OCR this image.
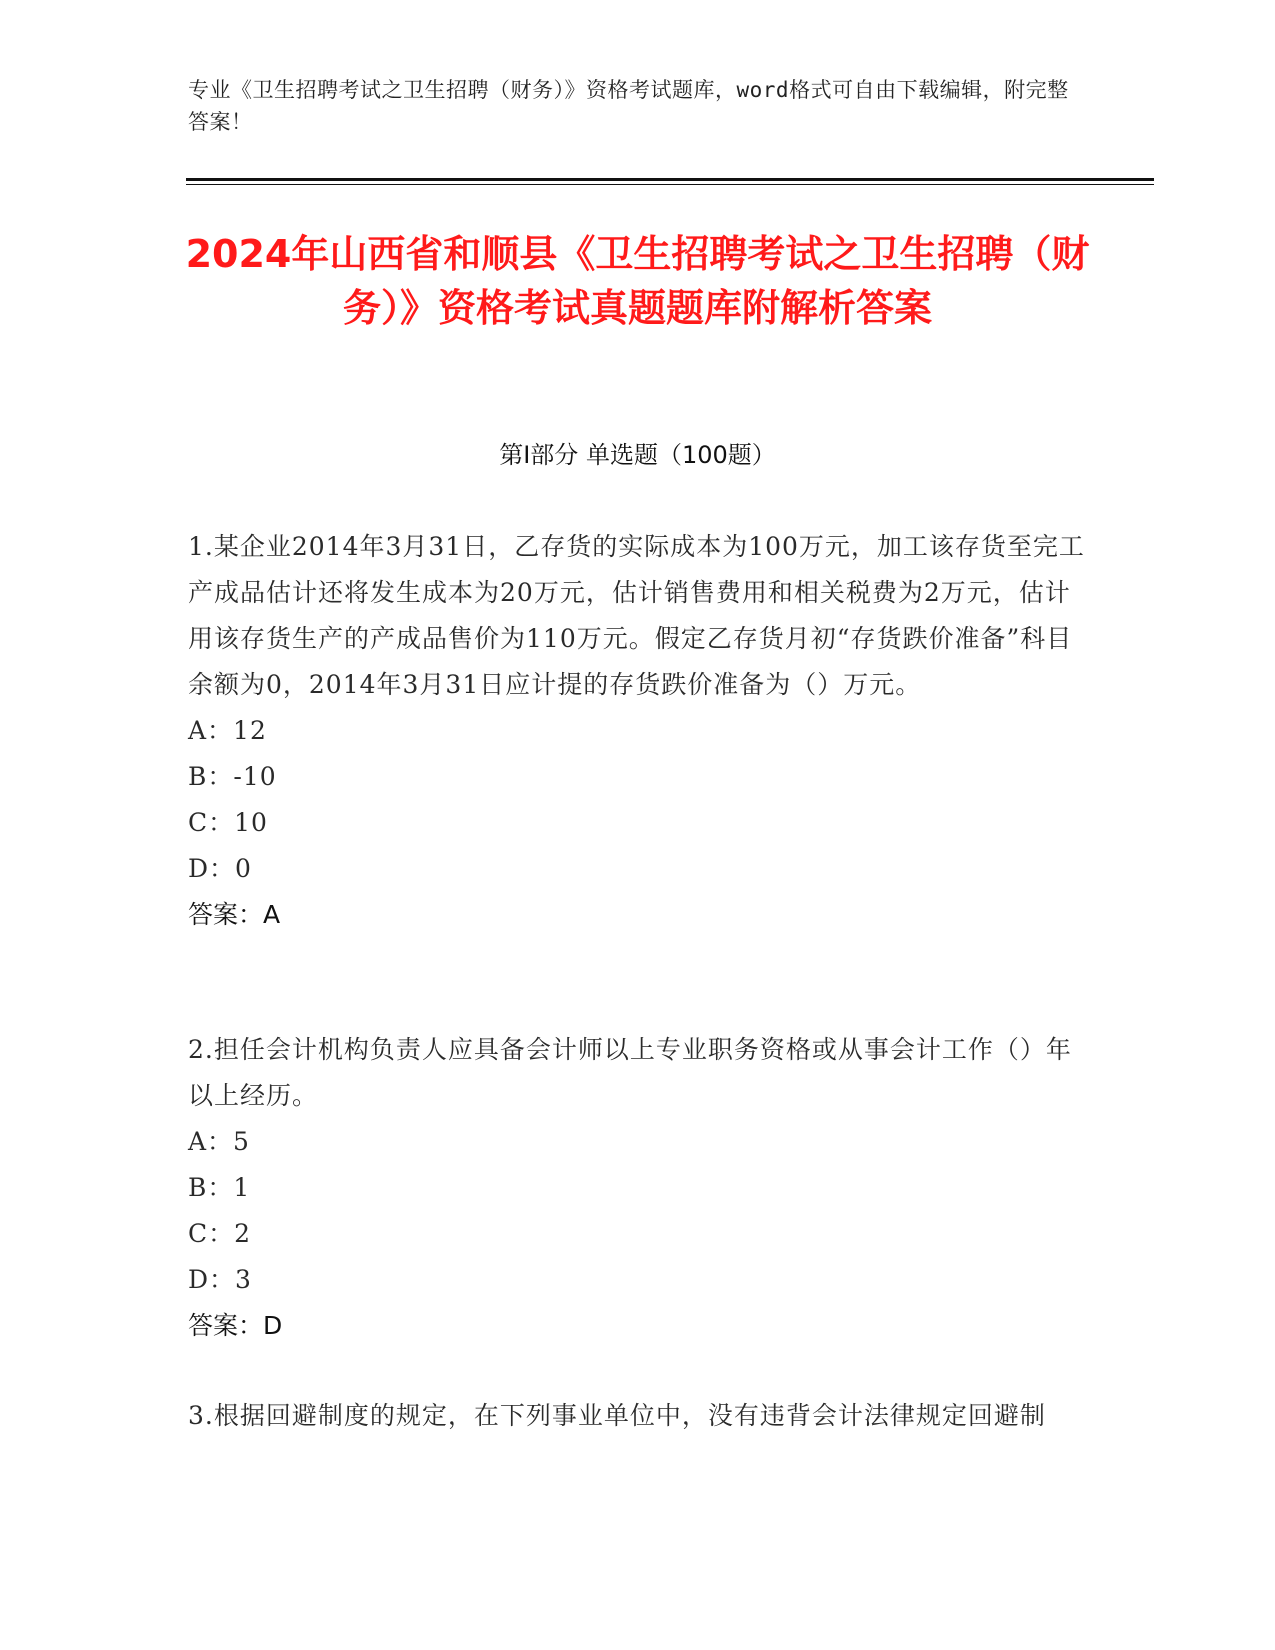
专业《卫生招聘考试之卫生招聘（财务）》资格考试题库，word格式可自由下载编辑，附完整答案！
2024年山西省和顺县《卫生招聘考试之卫生招聘（财务）》资格考试真题题库附解析答案
第I部分 单选题（100题）

1.某企业2014年3月31日，乙存货的实际成本为100万元，加工该存货至完工产成品估计还将发生成本为20万元，估计销售费用和相关税费为2万元，估计用该存货生产的产成品售价为110万元。假定乙存货月初“存货跌价准备”科目余额为0，2014年3月31日应计提的存货跌价准备为（）万元。

A：12

B：-10

C：10

D：0

答案：A

2.担任会计机构负责人应具备会计师以上专业职务资格或从事会计工作（）年以上经历。

A：5

B：1

C：2

D：3

答案：D

3.根据回避制度的规定，在下列事业单位中，没有违背会计法律规定回避制
